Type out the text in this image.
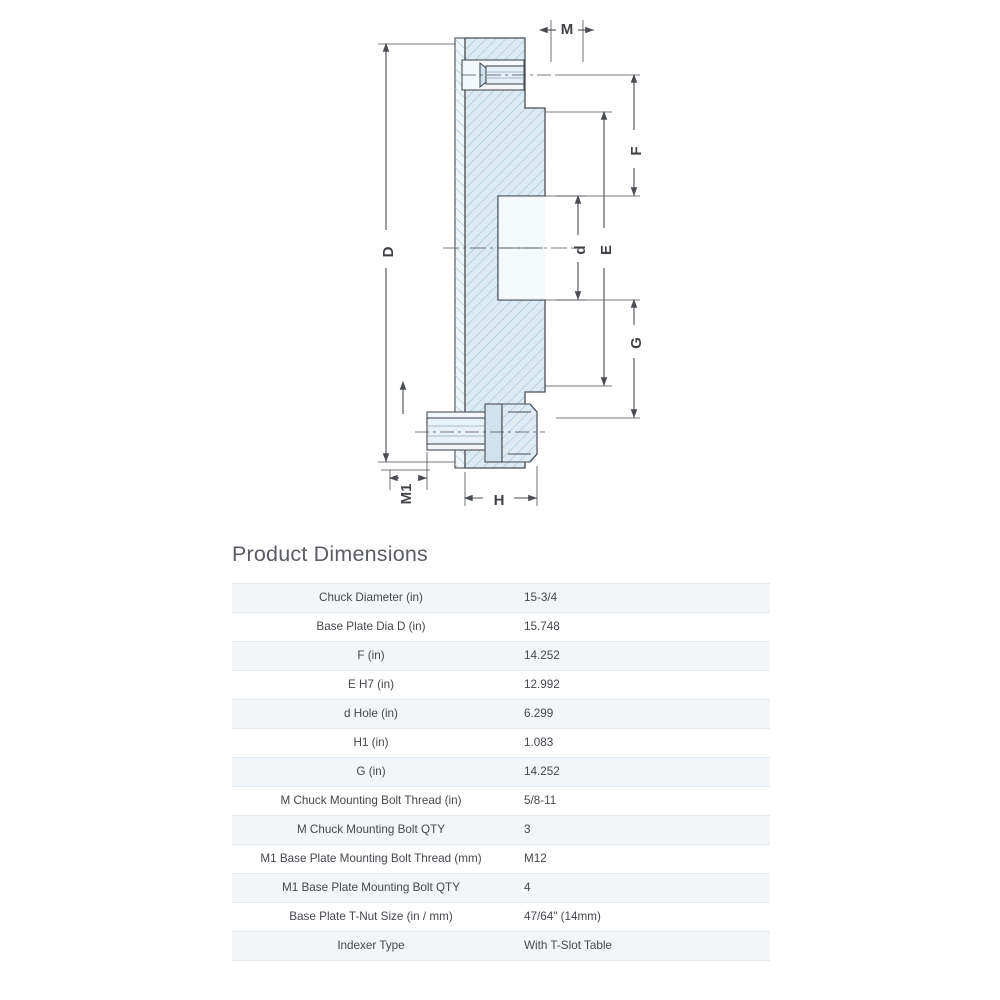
M
F
D	E
d
G
M1	H
Product Dimensions
Chuck Diameter (in)	15-3/4
Base Plate Dia D (in)	15.748
F (in)	14.252
E H7 (in)	12.992
d Hole (in)	6.299
H1 (in)	1.083
G (in)	14.252
M Chuck Mounting Bolt Thread (in)	5/8-11
M Chuck Mounting Bolt QTY	3
M1 Base Plate Mounting Bolt Thread (mm)	M12
M1 Base Plate Mounting Bolt QTY	4
Base Plate T-Nut Size (in / mm)	47/64" (14mm)
Indexer Type	With T-Slot Table
